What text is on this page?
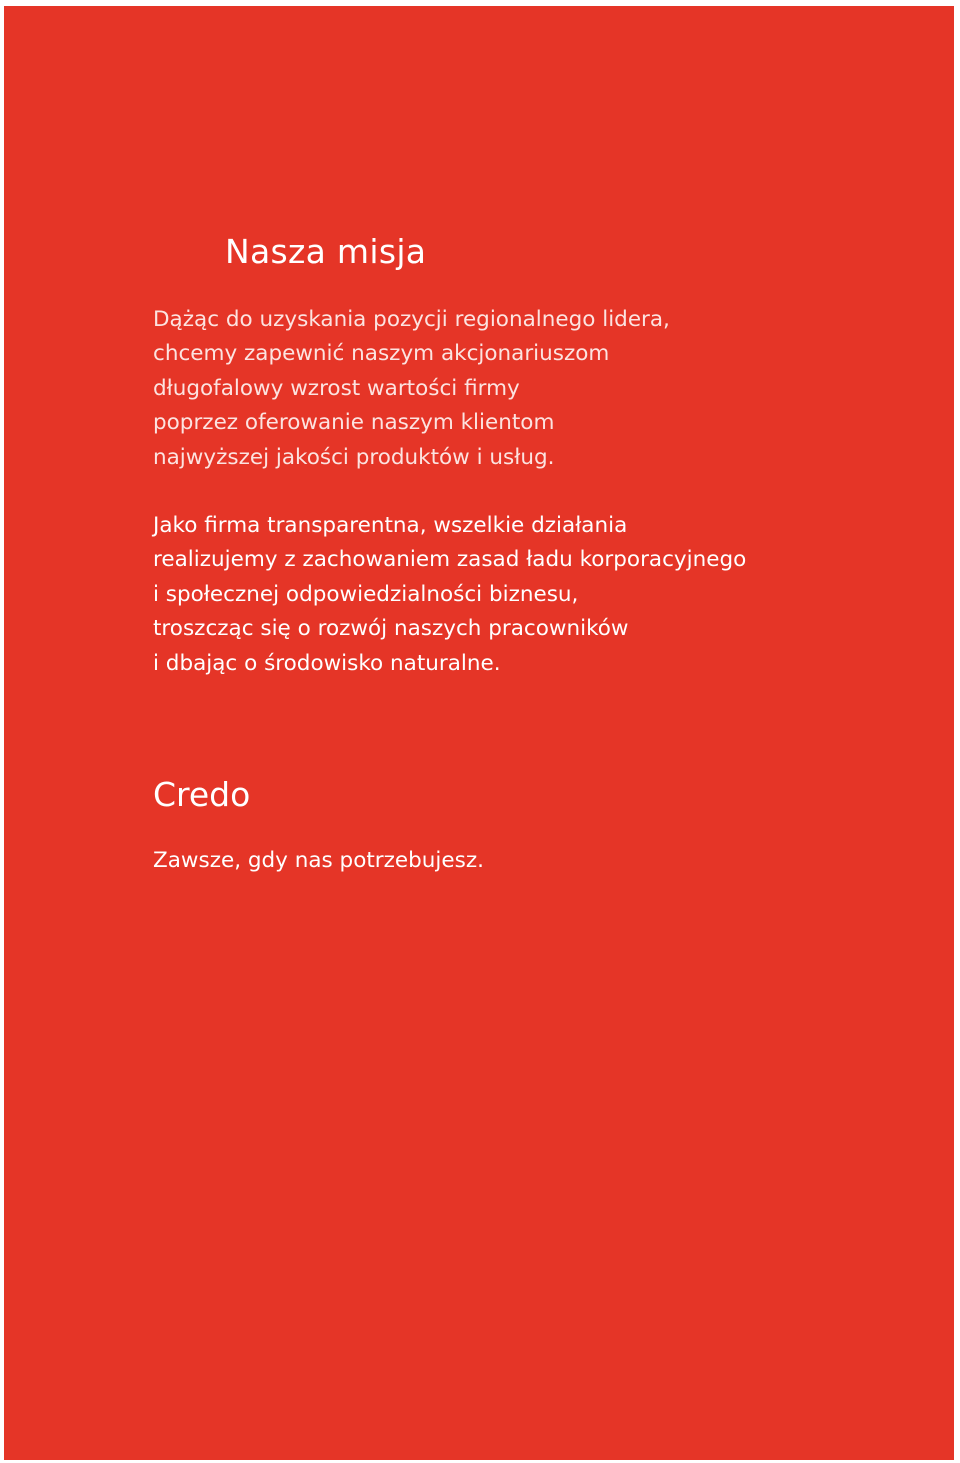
Nasza misja

Dążąc do uzyskania pozycji regionalnego lidera,
chcemy zapewnić naszym akcjonariuszom
długofalowy wzrost wartości firmy
poprzez oferowanie naszym klientom
najwyższej jakości produktów i usług.

Jako firma transparentna, wszelkie działania
realizujemy z zachowaniem zasad ładu korporacyjnego
i społecznej odpowiedzialności biznesu,
troszcząc się o rozwój naszych pracowników
i dbając o środowisko naturalne.

Credo

Zawsze, gdy nas potrzebujesz.
